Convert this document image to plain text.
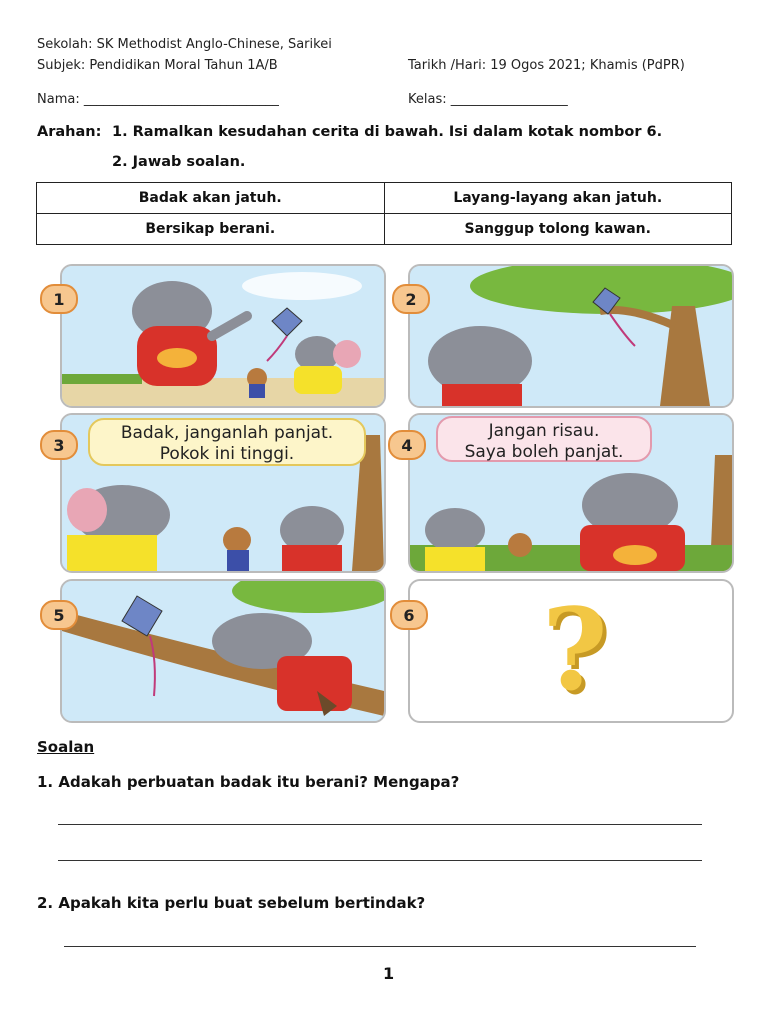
Sekolah: SK Methodist Anglo-Chinese, Sarikei
Subjek: Pendidikan Moral Tahun 1A/B	Tarikh /Hari: 19 Ogos 2021; Khamis (PdPR)
Nama: ______________________________	Kelas: __________________
Arahan: 1. Ramalkan kesudahan cerita di bawah. Isi dalam kotak nombor 6.
2. Jawab soalan.
Badak akan jatuh.	Layang-layang akan jatuh.
Bersikap berani.	Sanggup tolong kawan.
1	2
Badak, janganlah panjat.
Pokok ini tinggi.
3
Jangan risau.
Saya boleh panjat.
4
5	?
6
Soalan
1. Adakah perbuatan badak itu berani? Mengapa?
2. Apakah kita perlu buat sebelum bertindak?
1
